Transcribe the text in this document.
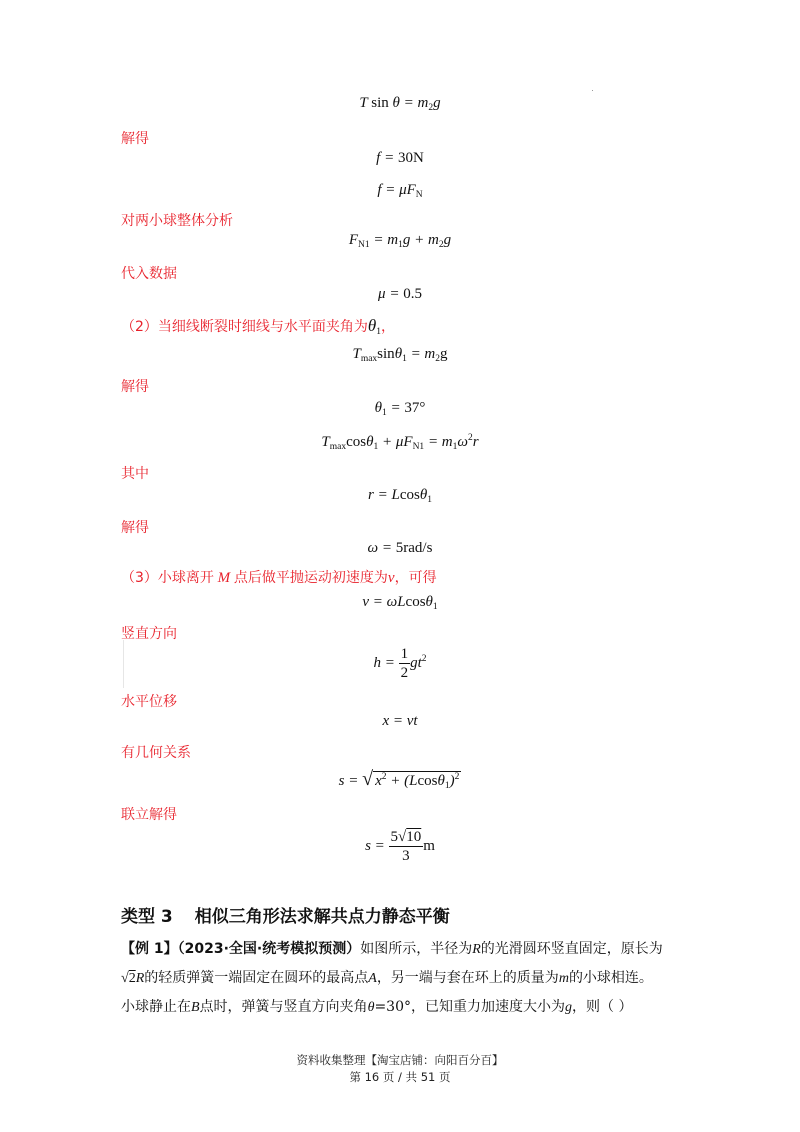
T $\sin \theta = m_2g$
解得
f = 30N
$f = \mu F_N$
对两小球整体分析
$F_{N1} = m_1g + m_2g$
代入数据
μ = 0.5
（2）当细线断裂时细线与水平面夹角为$\theta_1$，
$T_{max}\sin\theta_1 = m_2g$
解得
$\theta_1 = 37^\circ$
$T_{max}\cos\theta_1 + \mu F_{N1} = m_1\omega^2r$
其中
r = Lcosθ$_1$
解得
ω = 5rad/s
（3）小球离开 M 点后做平抛运动初速度为v，可得
v = ωLcosθ$_1$
竖直方向
$h = \frac{1}{2} gt^2$
水平位移
x = vt
有几何关系
s = √ $x^2 + (Lcos\theta_1)^2$
联立解得
$s = \frac{5√10}{3}$ m
类型 3 相似三角形法求解共点力静态平衡
【例 1】（2023·全国·统考模拟预测）如图所示，半径为R的光滑圆环竖直固定，原长为
√2R的轻质弹簧一端固定在圆环的最高点A，另一端与套在环上的质量为m的小球相连。
小球静止在B点时，弹簧与竖直方向夹角θ=30°，已知重力加速度大小为g，则（ ）
资料收集整理【淘宝店铺：向阳百分百】
第 16 页 / 共 51 页
